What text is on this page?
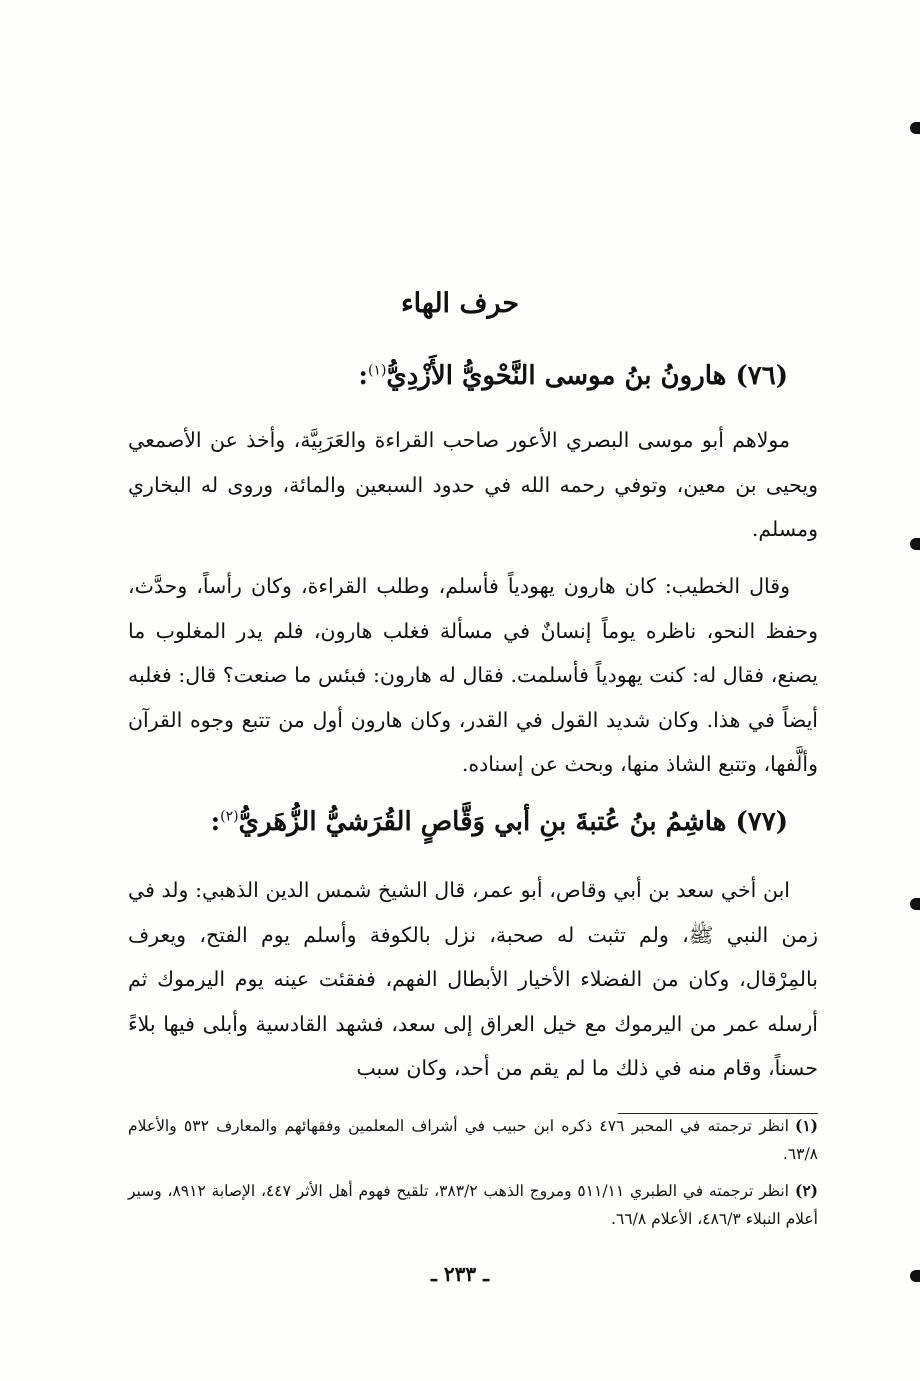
حرف الهاء
(٧٦) هارونُ بنُ موسى النَّحْويُّ الأَزْدِيُّ$^{(١)}$:

مولاهم أبو موسى البصري الأعور صاحب القراءة والعَرَبِيَّة، وأخذ عن الأصمعي ويحيى بن معين، وتوفي رحمه الله في حدود السبعين والمائة، وروى له البخاري ومسلم.

وقال الخطيب: كان هارون يهودياً فأسلم، وطلب القراءة، وكان رأساً، وحدَّث، وحفظ النحو، ناظره يوماً إنسانٌ في مسألة فغلب هارون، فلم يدر المغلوب ما يصنع، فقال له: كنت يهودياً فأسلمت. فقال له هارون: فبئس ما صنعت؟ قال: فغلبه أيضاً في هذا. وكان شديد القول في القدر، وكان هارون أول من تتبع وجوه القرآن وألَّفها، وتتبع الشاذ منها، وبحث عن إسناده.

(٧٧) هاشِمُ بنُ عُتبةَ بنِ أبي وَقَّاصٍ القُرَشيُّ الزُّهَريُّ$^{(٢)}$:

ابن أخي سعد بن أبي وقاص، أبو عمر، قال الشيخ شمس الدين الذهبي: ولد في زمن النبي ﷺ، ولم تثبت له صحبة، نزل بالكوفة وأسلم يوم الفتح، ويعرف بالمِرْقال، وكان من الفضلاء الأخيار الأبطال الفهم، ففقئت عينه يوم اليرموك ثم أرسله عمر من اليرموك مع خيل العراق إلى سعد، فشهد القادسية وأبلى فيها بلاءً حسناً، وقام منه في ذلك ما لم يقم من أحد، وكان سبب

(١)انظر ترجمته في المحبر ٤٧٦ ذكره ابن حبيب في أشراف المعلمين وفقهائهم والمعارف ٥٣٢ والأعلام ٦٣/٨.
(٢)انظر ترجمته في الطبري ٥١١/١١ ومروج الذهب ٣٨٣/٢، تلقيح فهوم أهل الأثر ٤٤٧، الإصابة ٨٩١٢، وسير أعلام النبلاء ٤٨٦/٣، الأعلام ٦٦/٨.
ـ ٢٣٣ ـ
